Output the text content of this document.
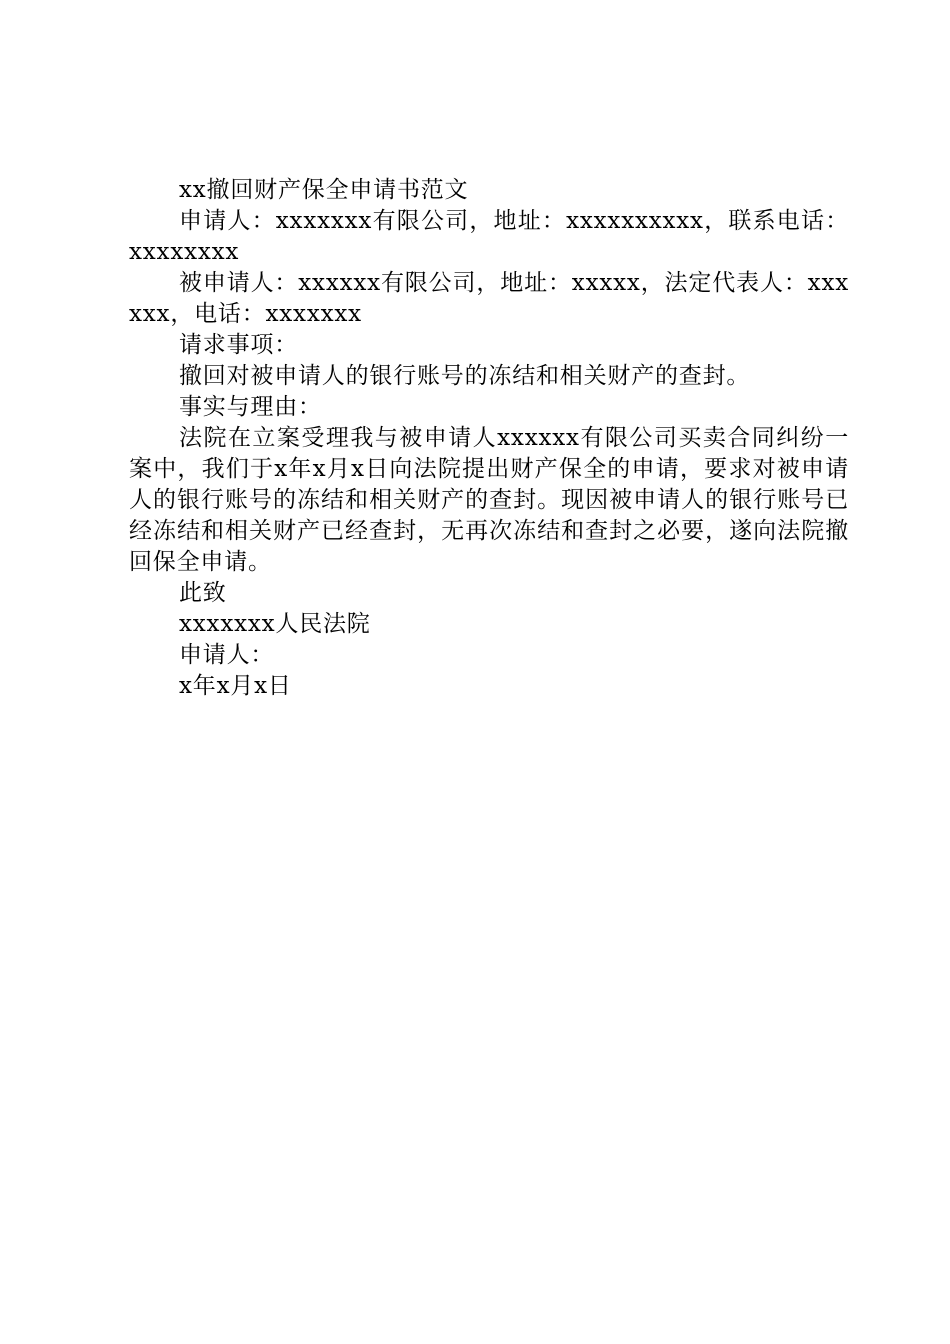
xx撤回财产保全申请书范文

申请人：xxxxxxx有限公司，地址：xxxxxxxxxx，联系电话：xxxxxxxx

被申请人：xxxxxx有限公司，地址：xxxxx，法定代表人：xxxxxx，电话：xxxxxxx

请求事项：

撤回对被申请人的银行账号的冻结和相关财产的查封。

事实与理由：

法院在立案受理我与被申请人xxxxxx有限公司买卖合同纠纷一案中，我们于x年x月x日向法院提出财产保全的申请，要求对被申请人的银行账号的冻结和相关财产的查封。现因被申请人的银行账号已经冻结和相关财产已经查封，无再次冻结和查封之必要，遂向法院撤回保全申请。

此致

xxxxxxx人民法院

申请人：

x年x月x日
